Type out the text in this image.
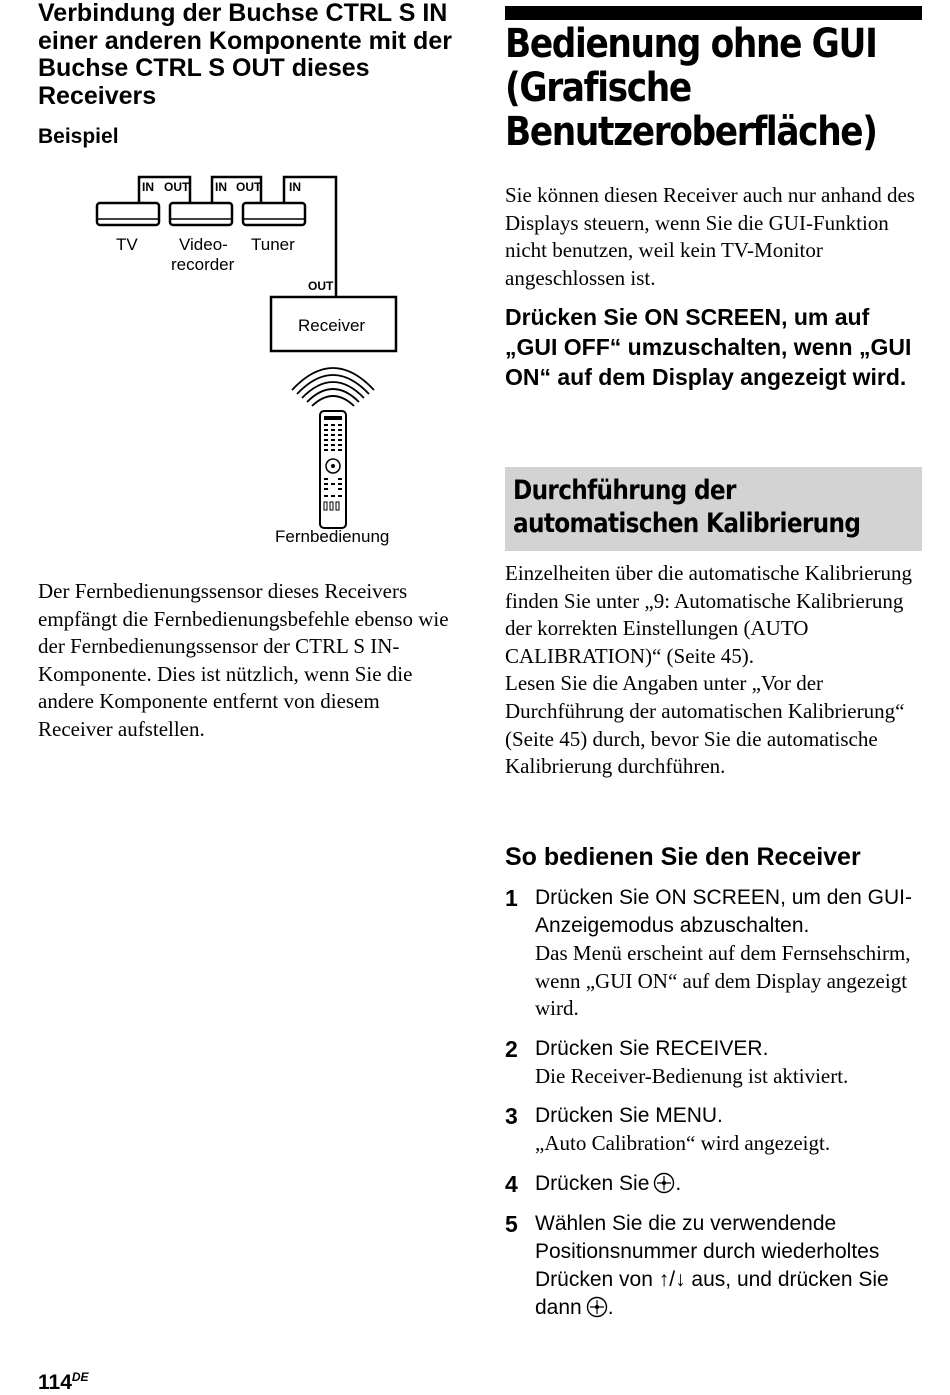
Verbindung der Buchse CTRL S IN einer anderen Komponente mit der Buchse CTRL S OUT dieses Receivers
Beispiel
IN OUT IN OUT IN
TV Video-
recorder
Tuner
OUT
Receiver
Fernbedienung

Der Fernbedienungssensor dieses Receivers empfängt die Fernbedienungsbefehle ebenso wie der Fernbedienungssensor der CTRL S IN-Komponente. Dies ist nützlich, wenn Sie die andere Komponente entfernt von diesem Receiver aufstellen.

Bedienung ohne GUI (Grafische Benutzeroberfläche)

Sie können diesen Receiver auch nur anhand des Displays steuern, wenn Sie die GUI-Funktion nicht benutzen, weil kein TV-Monitor angeschlossen ist.

Drücken Sie ON SCREEN, um auf „GUI OFF“ umzuschalten, wenn „GUI ON“ auf dem Display angezeigt wird.

Durchführung der automatischen Kalibrierung
Einzelheiten über die automatische Kalibrierung finden Sie unter „9: Automatische Kalibrierung der korrekten Einstellungen (AUTO CALIBRATION)“ (Seite 45).
Lesen Sie die Angaben unter „Vor der Durchführung der automatischen Kalibrierung“ (Seite 45) durch, bevor Sie die automatische Kalibrierung durchführen.
So bedienen Sie den Receiver
1 Drücken Sie ON SCREEN, um den GUI-Anzeigemodus abzuschalten.
Das Menü erscheint auf dem Fernsehschirm, wenn „GUI ON“ auf dem Display angezeigt wird.
2 Drücken Sie RECEIVER.
Die Receiver-Bedienung ist aktiviert.
3 Drücken Sie MENU.
„Auto Calibration“ wird angezeigt.
4 Drücken Sie .
5 Wählen Sie die zu verwendende Positionsnummer durch wiederholtes Drücken von ↑/↓ aus, und drücken Sie dann .
114DE
